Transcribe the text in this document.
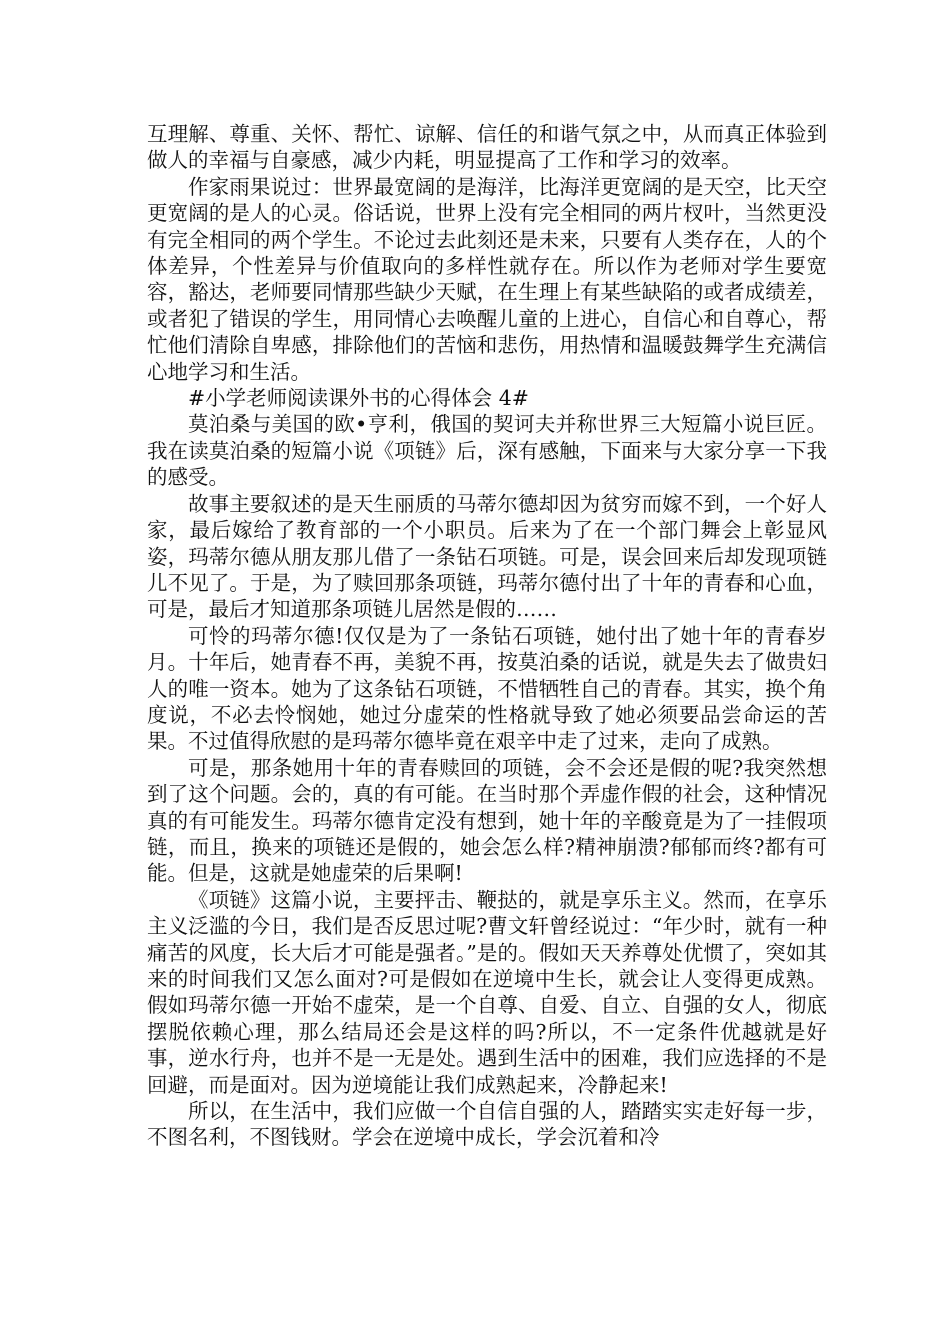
互理解、尊重、关怀、帮忙、谅解、信任的和谐气氛之中，从而真正体验到做人的幸福与自豪感，减少内耗，明显提高了工作和学习的效率。

作家雨果说过：世界最宽阔的是海洋，比海洋更宽阔的是天空，比天空更宽阔的是人的心灵。俗话说，世界上没有完全相同的两片杈叶，当然更没有完全相同的两个学生。不论过去此刻还是未来，只要有人类存在，人的个体差异，个性差异与价值取向的多样性就存在。所以作为老师对学生要宽容，豁达，老师要同情那些缺少天赋，在生理上有某些缺陷的或者成绩差，或者犯了错误的学生，用同情心去唤醒儿童的上进心，自信心和自尊心，帮忙他们清除自卑感，排除他们的苦恼和悲伤，用热情和温暖鼓舞学生充满信心地学习和生活。

#小学老师阅读课外书的心得体会 4#

莫泊桑与美国的欧•亨利，俄国的契诃夫并称世界三大短篇小说巨匠。我在读莫泊桑的短篇小说《项链》后，深有感触，下面来与大家分享一下我的感受。

故事主要叙述的是天生丽质的马蒂尔德却因为贫穷而嫁不到，一个好人家，最后嫁给了教育部的一个小职员。后来为了在一个部门舞会上彰显风姿，玛蒂尔德从朋友那儿借了一条钻石项链。可是，误会回来后却发现项链儿不见了。于是，为了赎回那条项链，玛蒂尔德付出了十年的青春和心血，可是，最后才知道那条项链儿居然是假的……

可怜的玛蒂尔德!仅仅是为了一条钻石项链，她付出了她十年的青春岁月。十年后，她青春不再，美貌不再，按莫泊桑的话说，就是失去了做贵妇人的唯一资本。她为了这条钻石项链，不惜牺牲自己的青春。其实，换个角度说，不必去怜悯她，她过分虚荣的性格就导致了她必须要品尝命运的苦果。不过值得欣慰的是玛蒂尔德毕竟在艰辛中走了过来，走向了成熟。

可是，那条她用十年的青春赎回的项链，会不会还是假的呢?我突然想到了这个问题。会的，真的有可能。在当时那个弄虚作假的社会，这种情况真的有可能发生。玛蒂尔德肯定没有想到，她十年的辛酸竟是为了一挂假项链，而且，换来的项链还是假的，她会怎么样?精神崩溃?郁郁而终?都有可能。但是，这就是她虚荣的后果啊!

《项链》这篇小说，主要抨击、鞭挞的，就是享乐主义。然而，在享乐主义泛滥的今日，我们是否反思过呢?曹文轩曾经说过：“年少时，就有一种痛苦的风度，长大后才可能是强者。”是的。假如天天养尊处优惯了，突如其来的时间我们又怎么面对?可是假如在逆境中生长，就会让人变得更成熟。假如玛蒂尔德一开始不虚荣，是一个自尊、自爱、自立、自强的女人，彻底摆脱依赖心理，那么结局还会是这样的吗?所以，不一定条件优越就是好事，逆水行舟，也并不是一无是处。遇到生活中的困难，我们应选择的不是回避，而是面对。因为逆境能让我们成熟起来，冷静起来!

所以，在生活中，我们应做一个自信自强的人，踏踏实实走好每一步，不图名利，不图钱财。学会在逆境中成长，学会沉着和冷
